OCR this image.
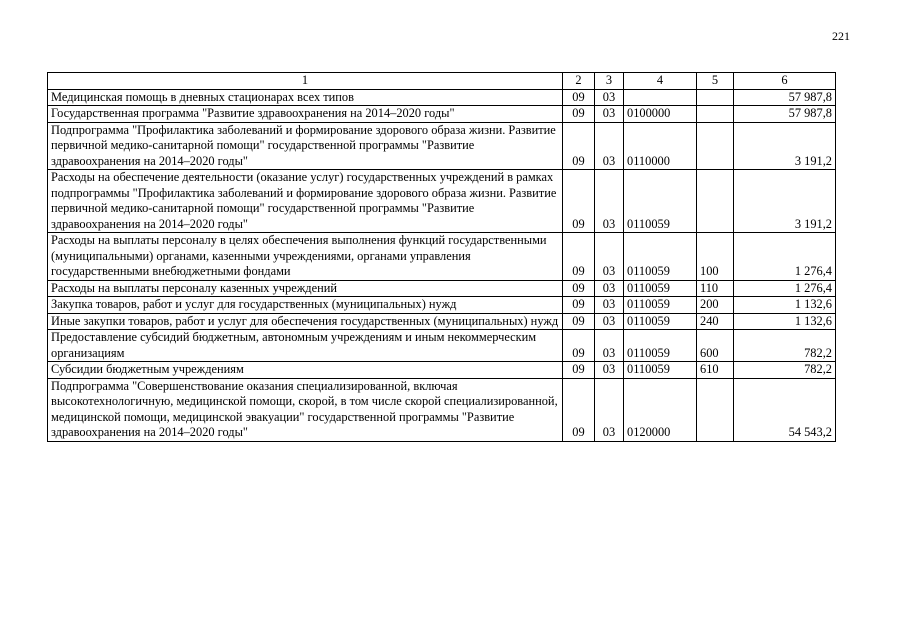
221
1	2	3	4	5	6
Медицинская помощь в дневных стационарах всех типов	09	03			57 987,8
Государственная программа "Развитие здравоохранения на 2014–2020 годы"	09	03	0100000		57 987,8
Подпрограмма "Профилактика заболеваний и формирование здорового образа жизни. Развитие первичной медико-санитарной помощи" государственной программы "Развитие здравоохранения на 2014–2020 годы"	09	03	0110000		3 191,2
Расходы на обеспечение деятельности (оказание услуг) государственных учреждений в рамках подпрограммы "Профилактика заболеваний и формирование здорового образа жизни. Развитие первичной медико-санитарной помощи" государственной программы "Развитие здравоохранения на 2014–2020 годы"	09	03	0110059		3 191,2
Расходы на выплаты персоналу в целях обеспечения выполнения функций государственными (муниципальными) органами, казенными учреждениями, органами управления государственными внебюджетными фондами	09	03	0110059	100	1 276,4
Расходы на выплаты персоналу казенных учреждений	09	03	0110059	110	1 276,4
Закупка товаров, работ и услуг для государственных (муниципальных) нужд	09	03	0110059	200	1 132,6
Иные закупки товаров, работ и услуг для обеспечения государственных (муниципальных) нужд	09	03	0110059	240	1 132,6
Предоставление субсидий бюджетным, автономным учреждениям и иным некоммерческим организациям	09	03	0110059	600	782,2
Субсидии бюджетным учреждениям	09	03	0110059	610	782,2
Подпрограмма "Совершенствование оказания специализированной, включая высокотехнологичную, медицинской помощи, скорой, в том числе скорой специализированной, медицинской помощи, медицинской эвакуации" государственной программы "Развитие здравоохранения на 2014–2020 годы"	09	03	0120000		54 543,2
